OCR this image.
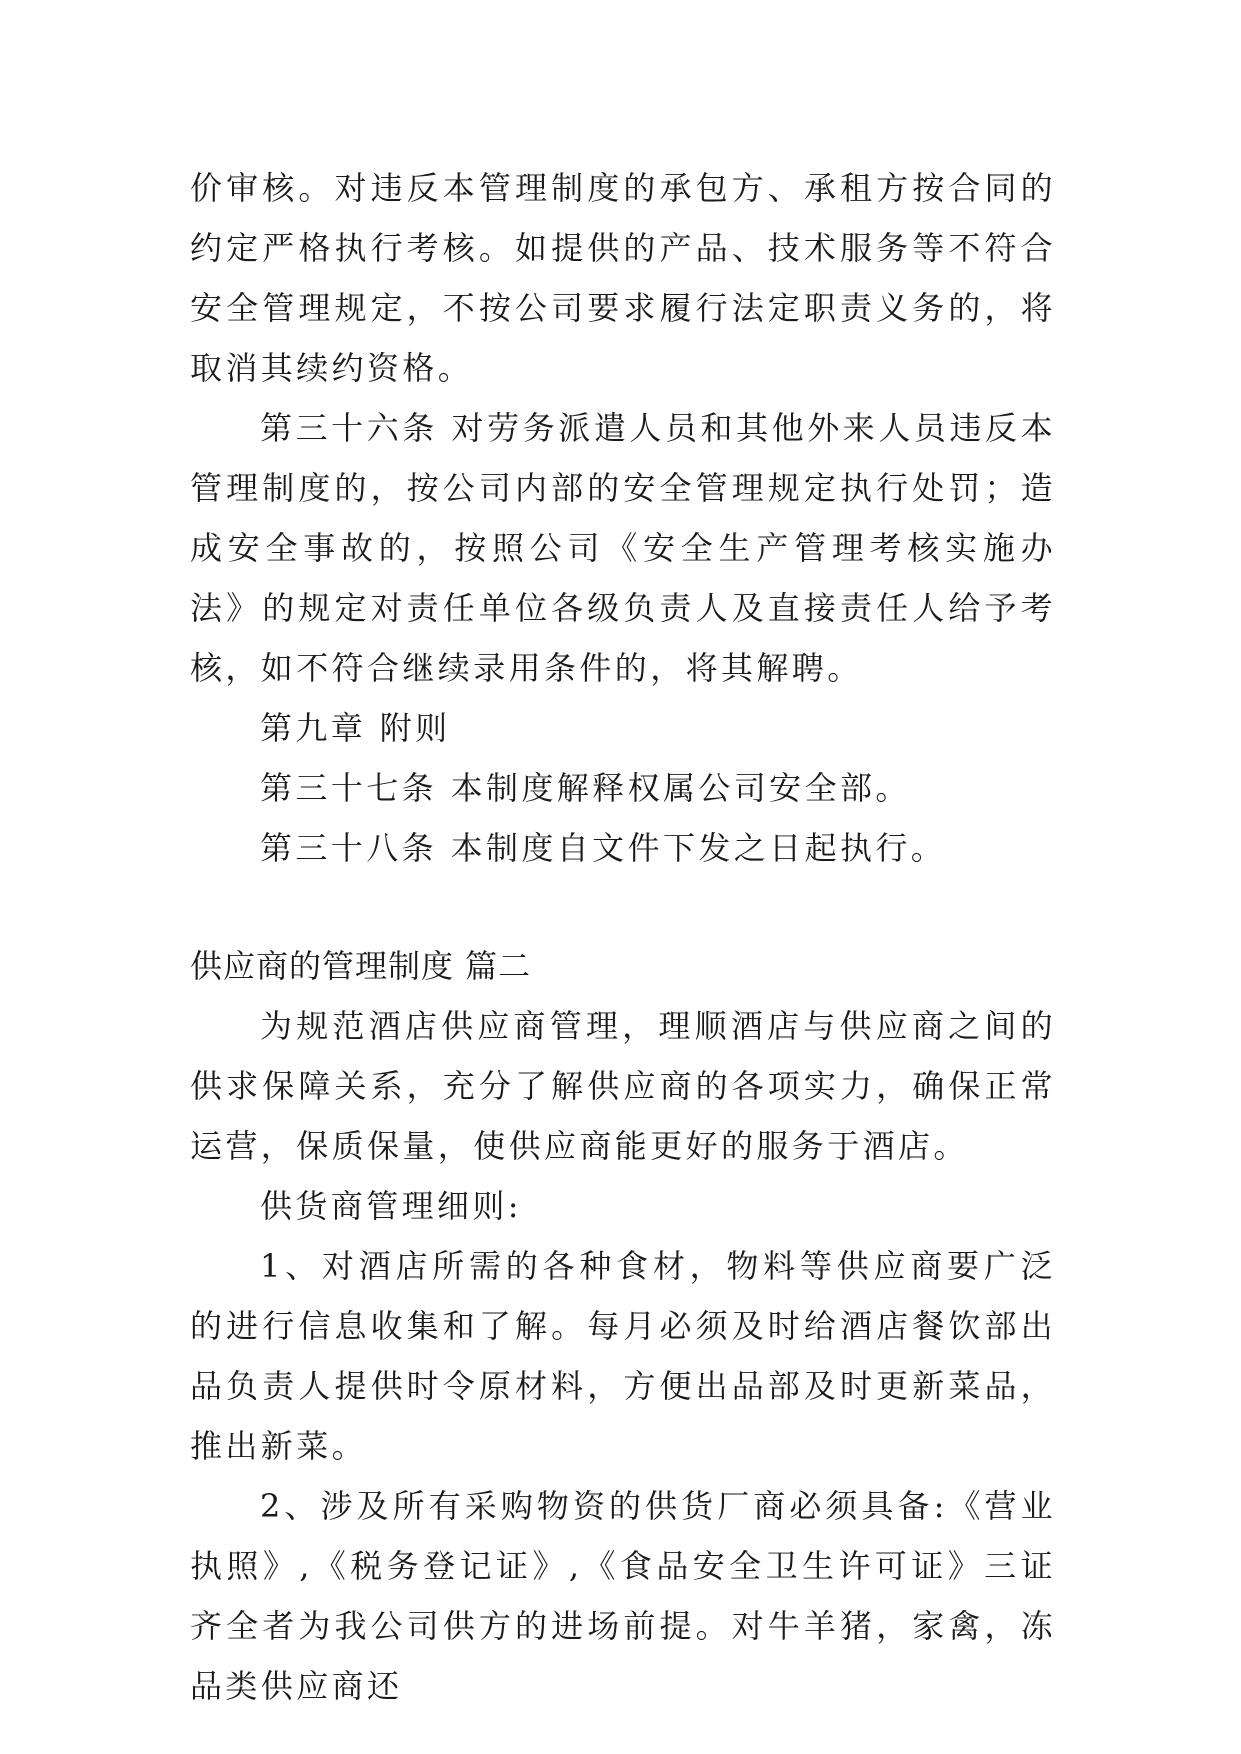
价审核。对违反本管理制度的承包方、承租方按合同的约定严格执行考核。如提供的产品、技术服务等不符合安全管理规定，不按公司要求履行法定职责义务的，将取消其续约资格。

第三十六条 对劳务派遣人员和其他外来人员违反本管理制度的，按公司内部的安全管理规定执行处罚；造成安全事故的，按照公司《安全生产管理考核实施办法》的规定对责任单位各级负责人及直接责任人给予考核，如不符合继续录用条件的，将其解聘。

第九章 附则

第三十七条 本制度解释权属公司安全部。

第三十八条 本制度自文件下发之日起执行。

供应商的管理制度 篇二

为规范酒店供应商管理，理顺酒店与供应商之间的供求保障关系，充分了解供应商的各项实力，确保正常运营，保质保量，使供应商能更好的服务于酒店。

供货商管理细则:

1、对酒店所需的各种食材，物料等供应商要广泛的进行信息收集和了解。每月必须及时给酒店餐饮部出品负责人提供时令原材料，方便出品部及时更新菜品，推出新菜。

2、涉及所有采购物资的供货厂商必须具备:《营业执照》,《税务登记证》,《食品安全卫生许可证》三证齐全者为我公司供方的进场前提。对牛羊猪，家禽，冻品类供应商还
